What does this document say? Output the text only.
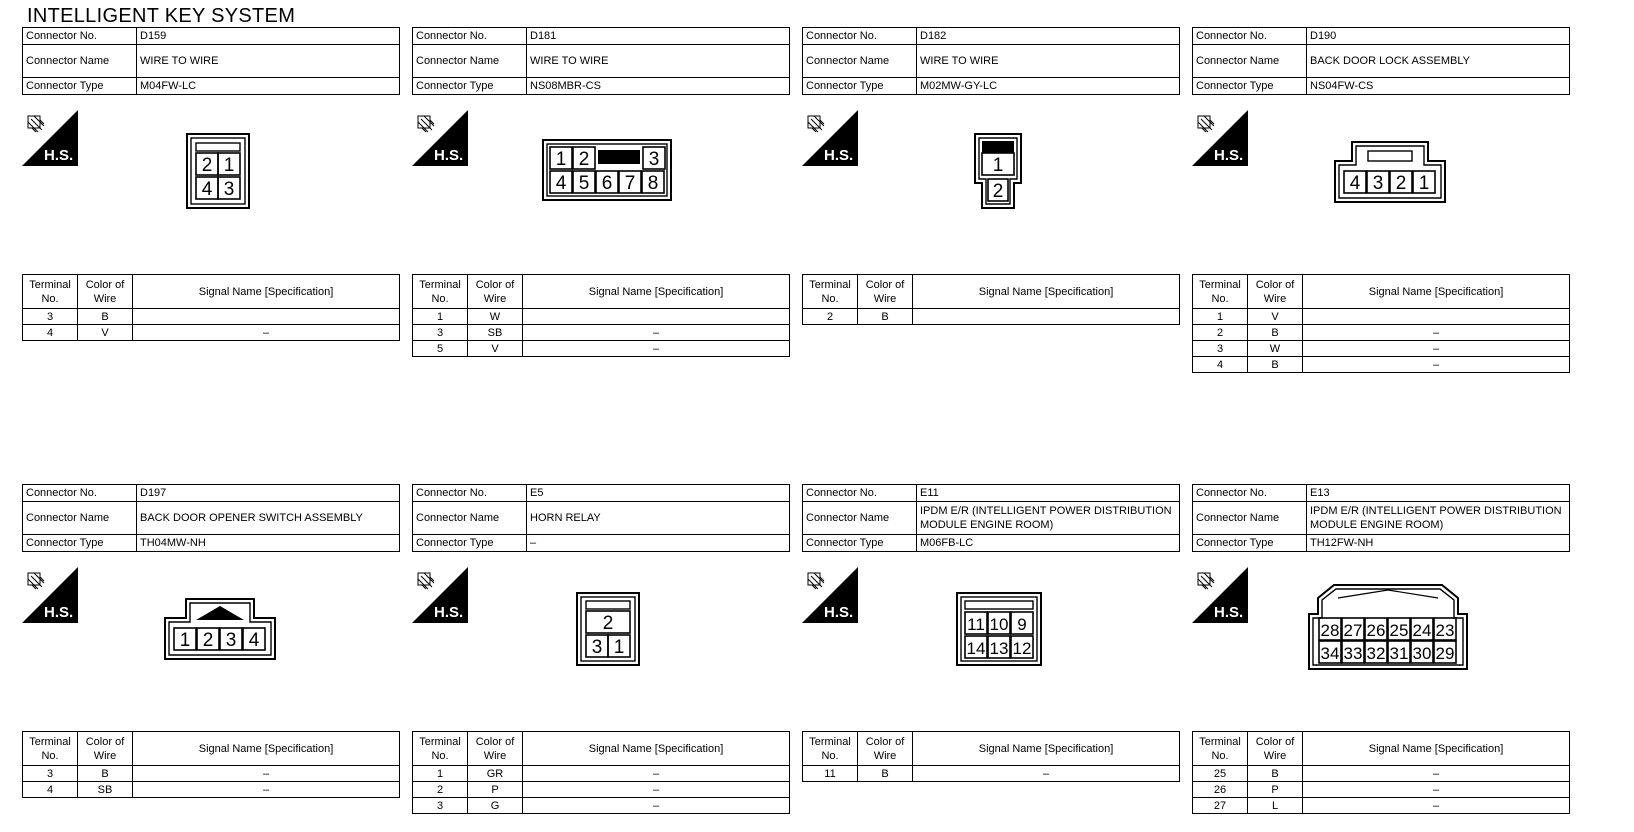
INTELLIGENT KEY SYSTEM
Connector No.	D159
Connector Name	WIRE TO WIRE
Connector Type	M04FW-LC
H.S.	2 1
4 3
Terminal No.	Color of Wire	Signal Name [Specification]
3	B	
4	V	–
Connector No.	D181
Connector Name	WIRE TO WIRE
Connector Type	NS08MBR-CS
H.S.	1 2	3
4 5 6 7 8
Terminal No.	Color of Wire	Signal Name [Specification]
1	W	
3	SB	–
5	V	–
Connector No.	D182
Connector Name	WIRE TO WIRE
Connector Type	M02MW-GY-LC
H.S.	1
2
Terminal No.	Color of Wire	Signal Name [Specification]
2	B	
Connector No.	D190
Connector Name	BACK DOOR LOCK ASSEMBLY
Connector Type	NS04FW-CS
H.S.
4 3 2 1
Terminal No.	Color of Wire	Signal Name [Specification]
1	V	
2	B	–
3	W	–
4	B	–
Connector No.	D197
Connector Name	BACK DOOR OPENER SWITCH ASSEMBLY
Connector Type	TH04MW-NH
H.S.
1 2 3 4
Terminal No.	Color of Wire	Signal Name [Specification]
3	B	–
4	SB	–
Connector No.	E5
Connector Name	HORN RELAY
Connector Type	–
H.S.
2
3 1
Terminal No.	Color of Wire	Signal Name [Specification]
1	GR	–
2	P	–
3	G	–
Connector No.	E11
Connector Name	IPDM E/R (INTELLIGENT POWER DISTRIBUTION MODULE ENGINE ROOM)
Connector Type	M06FB-LC
H.S.
11 10 9
14 13 12
Terminal No.	Color of Wire	Signal Name [Specification]
11	B	–
Connector No.	E13
Connector Name	IPDM E/R (INTELLIGENT POWER DISTRIBUTION MODULE ENGINE ROOM)
Connector Type	TH12FW-NH
H.S.
28 27 26 25 24 23
34 33 32 31 30 29
Terminal No.	Color of Wire	Signal Name [Specification]
25	B	–
26	P	–
27	L	–
